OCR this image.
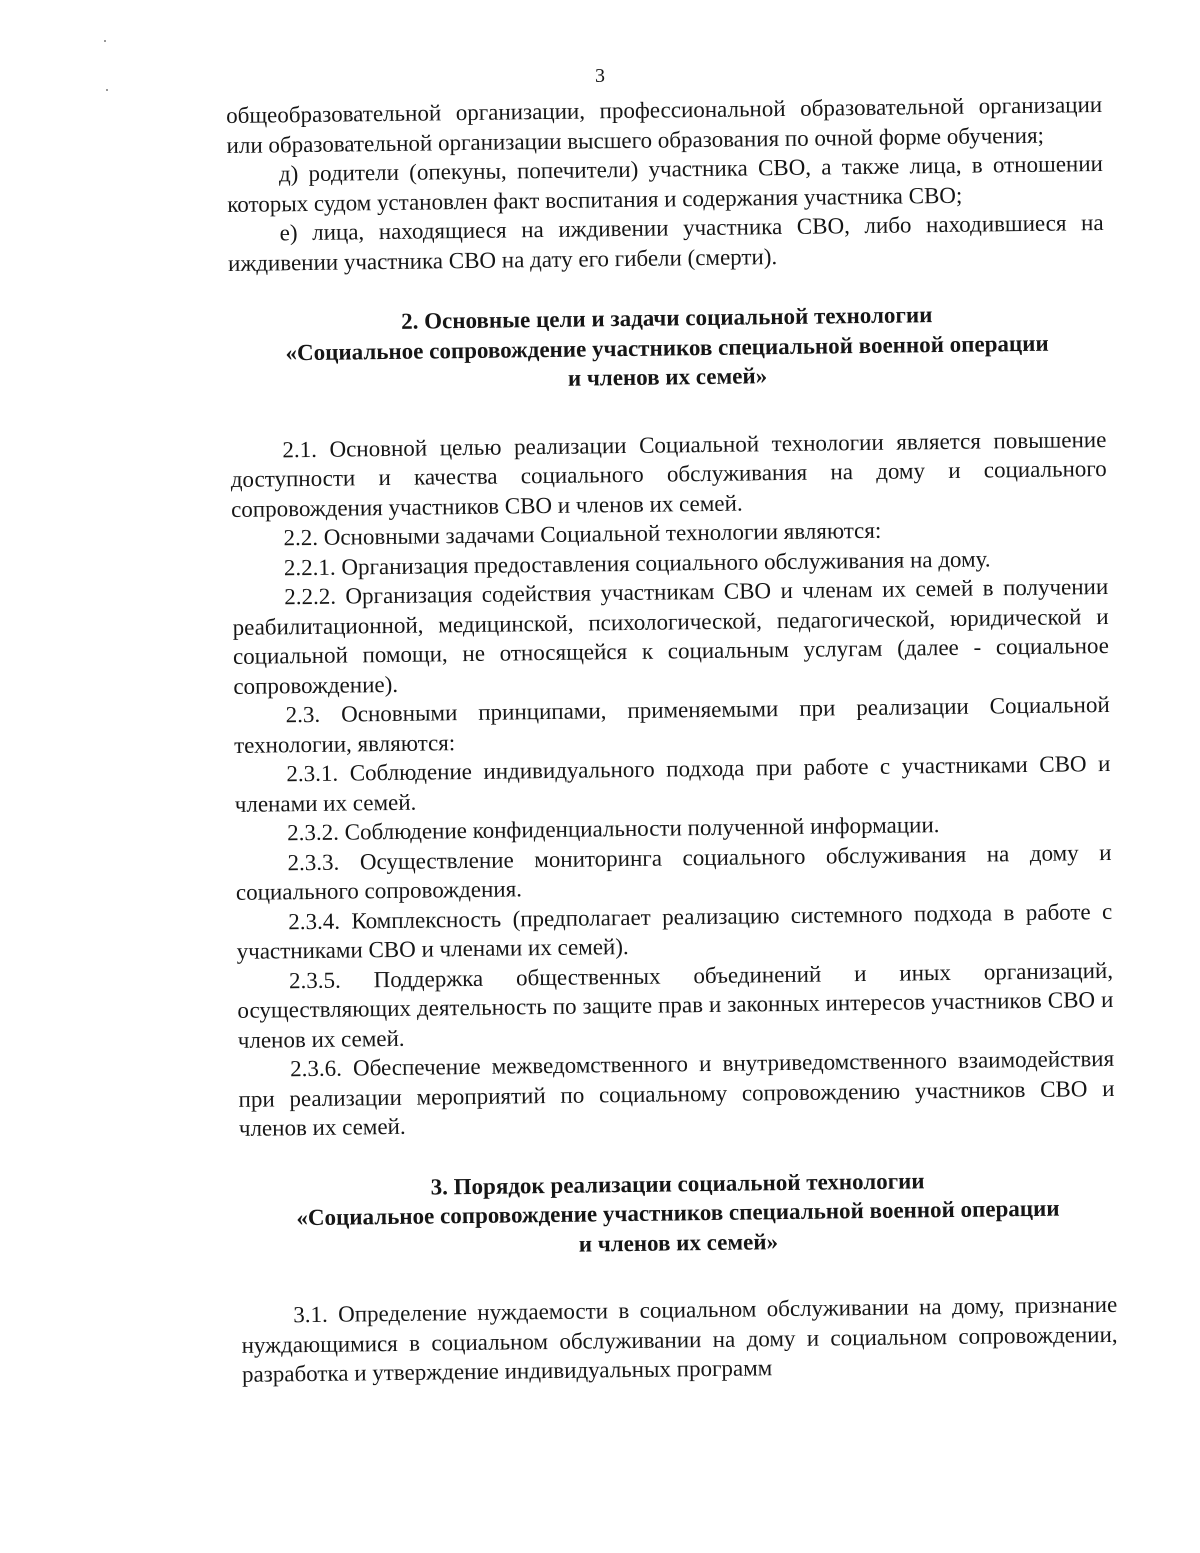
3

общеобразовательной организации, профессиональной образовательной организации или образовательной организации высшего образования по очной форме обучения;

д) родители (опекуны, попечители) участника СВО, а также лица, в отношении которых судом установлен факт воспитания и содержания участника СВО;

е) лица, находящиеся на иждивении участника СВО, либо находившиеся на иждивении участника СВО на дату его гибели (смерти).

2. Основные цели и задачи социальной технологии
«Социальное сопровождение участников специальной военной операции
и членов их семей»

2.1. Основной целью реализации Социальной технологии является повышение доступности и качества социального обслуживания на дому и социального сопровождения участников СВО и членов их семей.

2.2. Основными задачами Социальной технологии являются:

2.2.1. Организация предоставления социального обслуживания на дому.

2.2.2. Организация содействия участникам СВО и членам их семей в получении реабилитационной, медицинской, психологической, педагогической, юридической и социальной помощи, не относящейся к социальным услугам (далее - социальное сопровождение).

2.3. Основными принципами, применяемыми при реализации Социальной технологии, являются:

2.3.1. Соблюдение индивидуального подхода при работе с участниками СВО и членами их семей.

2.3.2. Соблюдение конфиденциальности полученной информации.

2.3.3. Осуществление мониторинга социального обслуживания на дому и социального сопровождения.

2.3.4. Комплексность (предполагает реализацию системного подхода в работе с участниками СВО и членами их семей).

2.3.5. Поддержка общественных объединений и иных организаций, осуществляющих деятельность по защите прав и законных интересов участников СВО и членов их семей.

2.3.6. Обеспечение межведомственного и внутриведомственного взаимодействия при реализации мероприятий по социальному сопровождению участников СВО и членов их семей.

3. Порядок реализации социальной технологии
«Социальное сопровождение участников специальной военной операции
и членов их семей»

3.1. Определение нуждаемости в социальном обслуживании на дому, признание нуждающимися в социальном обслуживании на дому и социальном сопровождении, разработка и утверждение индивидуальных программ
